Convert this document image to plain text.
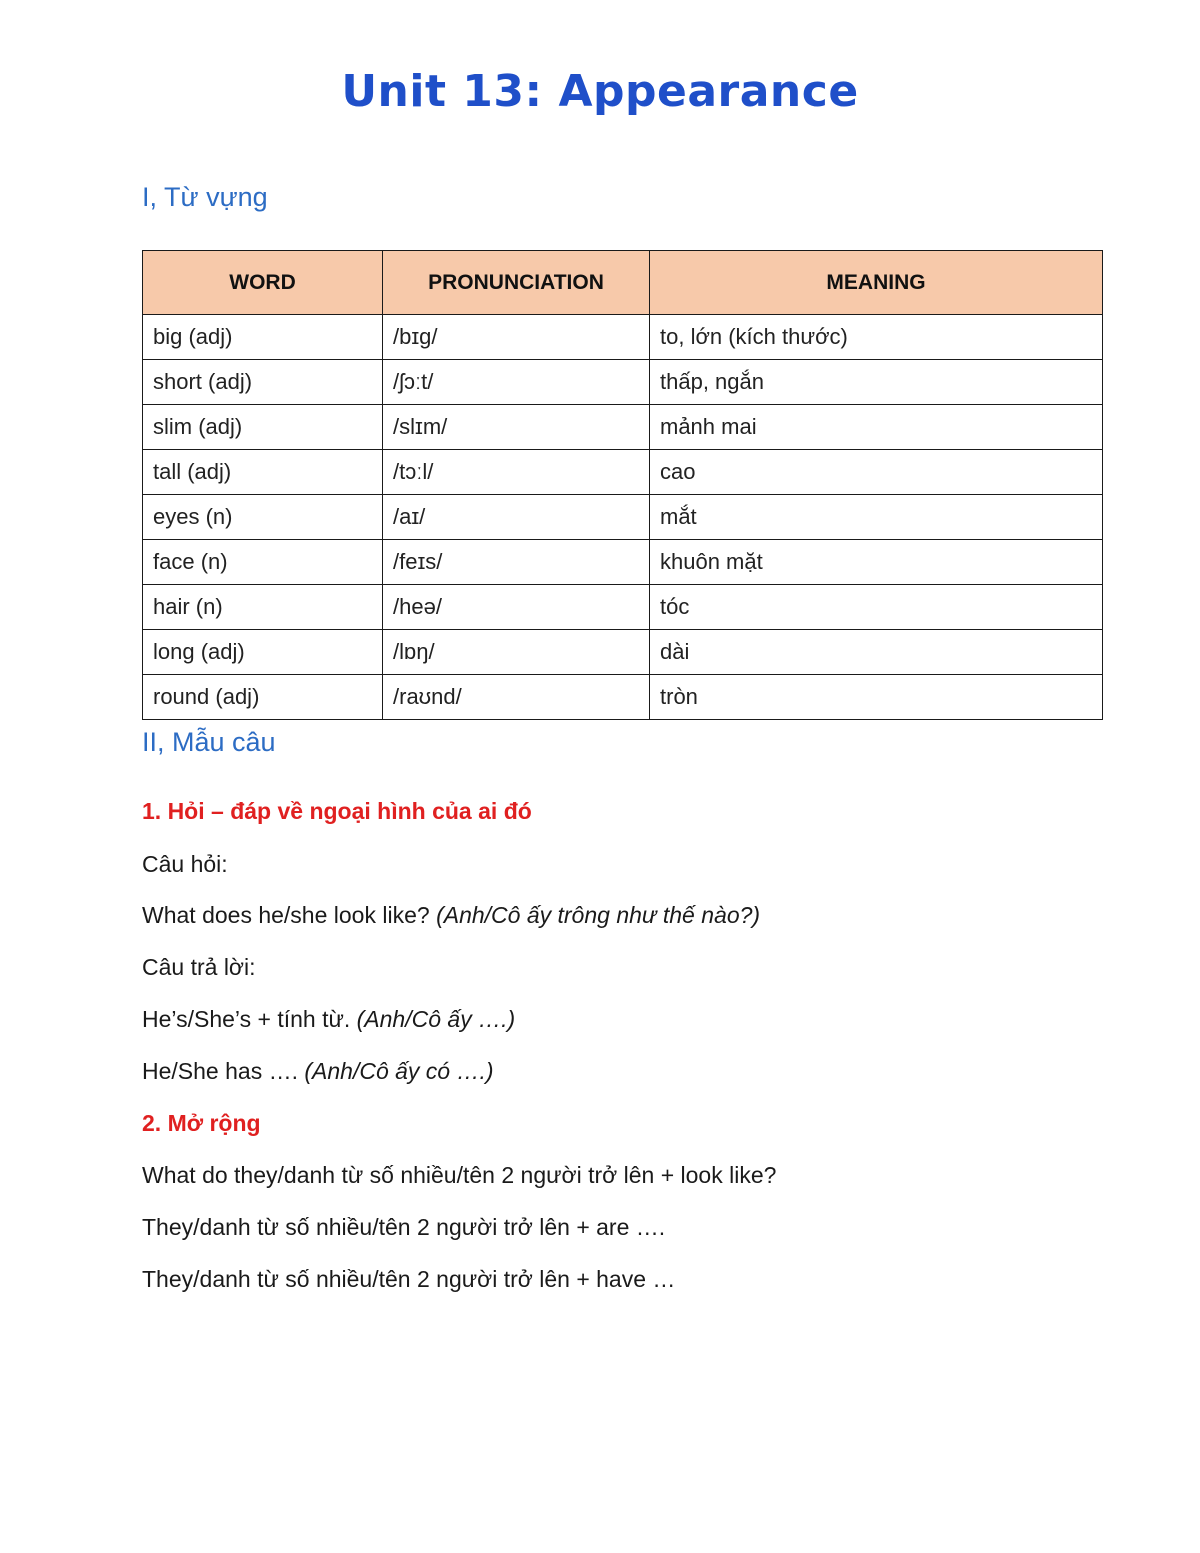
Unit 13: Appearance
I, Từ vựng
WORD	PRONUNCIATION	MEANING
big (adj)	/bɪg/	to, lớn (kích thước)
short (adj)	/ʃɔːt/	thấp, ngắn
slim (adj)	/slɪm/	mảnh mai
tall (adj)	/tɔːl/	cao
eyes (n)	/aɪ/	mắt
face (n)	/feɪs/	khuôn mặt
hair (n)	/heə/	tóc
long (adj)	/lɒŋ/	dài
round (adj)	/raʊnd/	tròn
II, Mẫu câu
1. Hỏi – đáp về ngoại hình của ai đó
Câu hỏi:
What does he/she look like? (Anh/Cô ấy trông như thế nào?)
Câu trả lời:
He’s/She’s + tính từ. (Anh/Cô ấy ….)
He/She has …. (Anh/Cô ấy có ….)
2. Mở rộng
What do they/danh từ số nhiều/tên 2 người trở lên + look like?
They/danh từ số nhiều/tên 2 người trở lên + are ….
They/danh từ số nhiều/tên 2 người trở lên + have …
